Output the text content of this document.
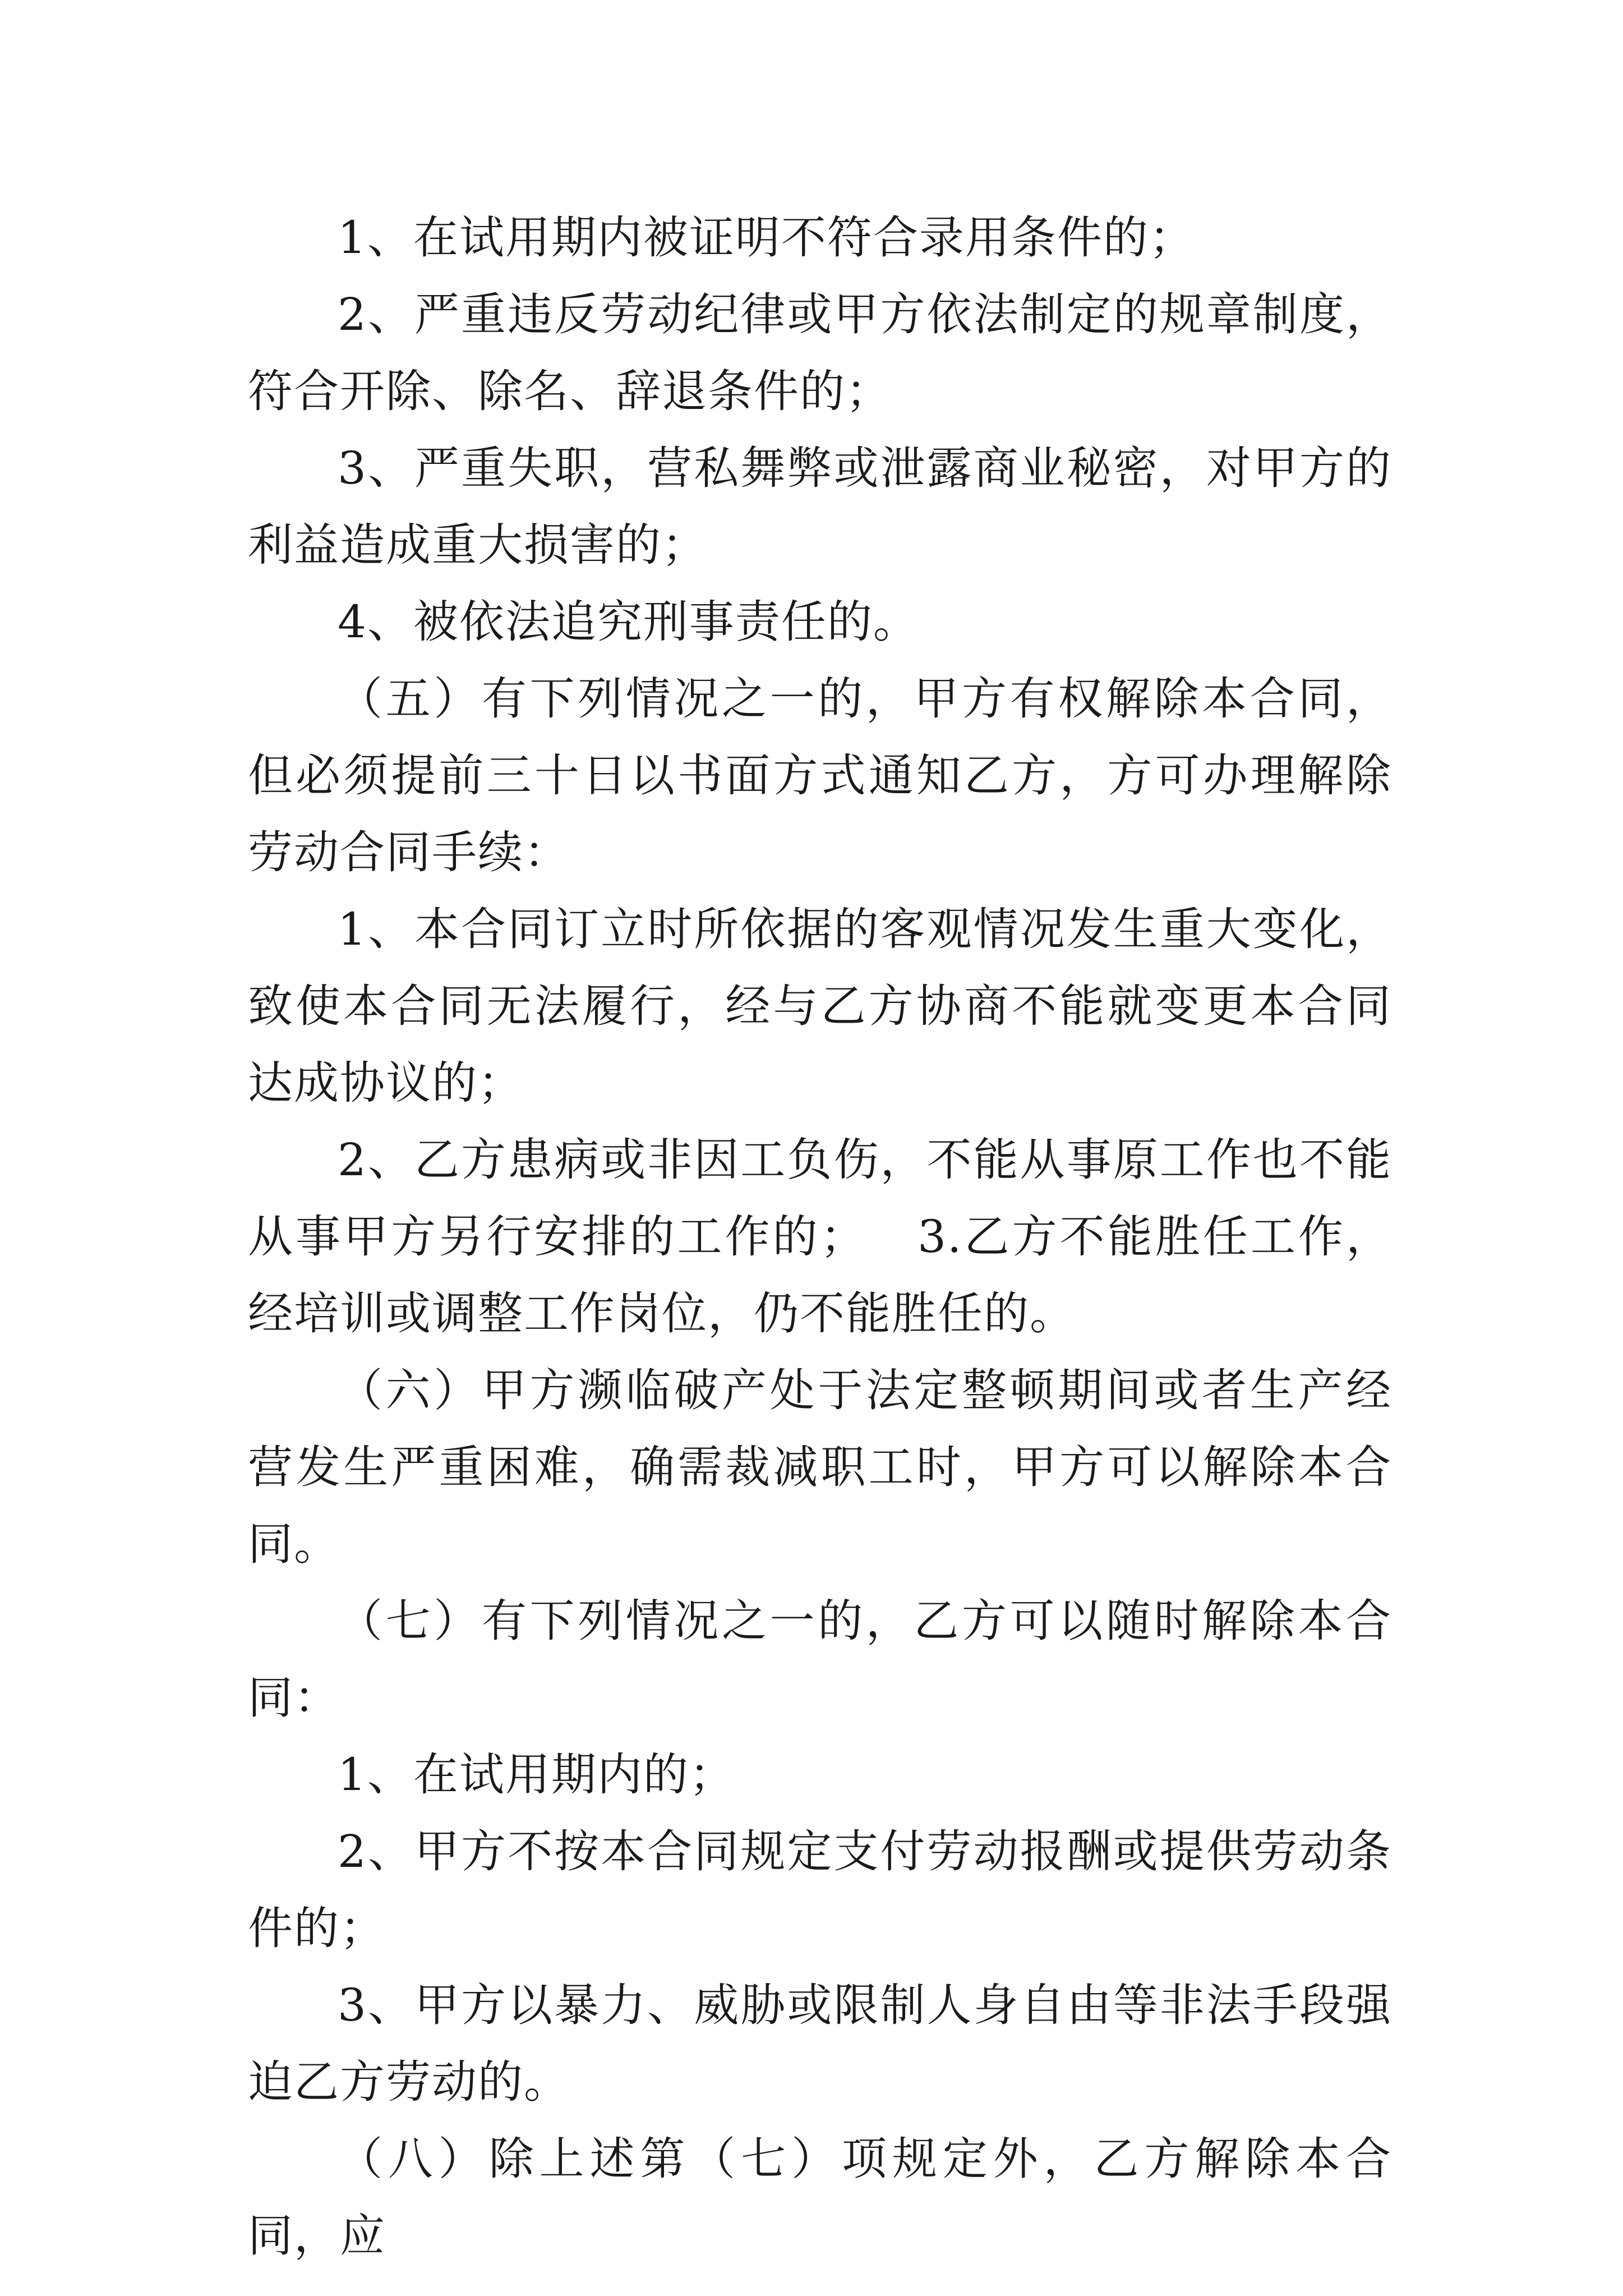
1、在试用期内被证明不符合录用条件的；

2、严重违反劳动纪律或甲方依法制定的规章制度，符合开除、除名、辞退条件的；

3、严重失职，营私舞弊或泄露商业秘密，对甲方的利益造成重大损害的；

4、被依法追究刑事责任的。

（五）有下列情况之一的，甲方有权解除本合同，但必须提前三十日以书面方式通知乙方，方可办理解除劳动合同手续：

1、本合同订立时所依据的客观情况发生重大变化，致使本合同无法履行，经与乙方协商不能就变更本合同达成协议的；

2、乙方患病或非因工负伤，不能从事原工作也不能从事甲方另行安排的工作的；   3.乙方不能胜任工作，经培训或调整工作岗位，仍不能胜任的。

（六）甲方濒临破产处于法定整顿期间或者生产经营发生严重困难，确需裁减职工时，甲方可以解除本合同。

（七）有下列情况之一的，乙方可以随时解除本合同：

1、在试用期内的；

2、甲方不按本合同规定支付劳动报酬或提供劳动条件的；

3、甲方以暴力、威胁或限制人身自由等非法手段强迫乙方劳动的。

（八）除上述第（七）项规定外，乙方解除本合同，应
